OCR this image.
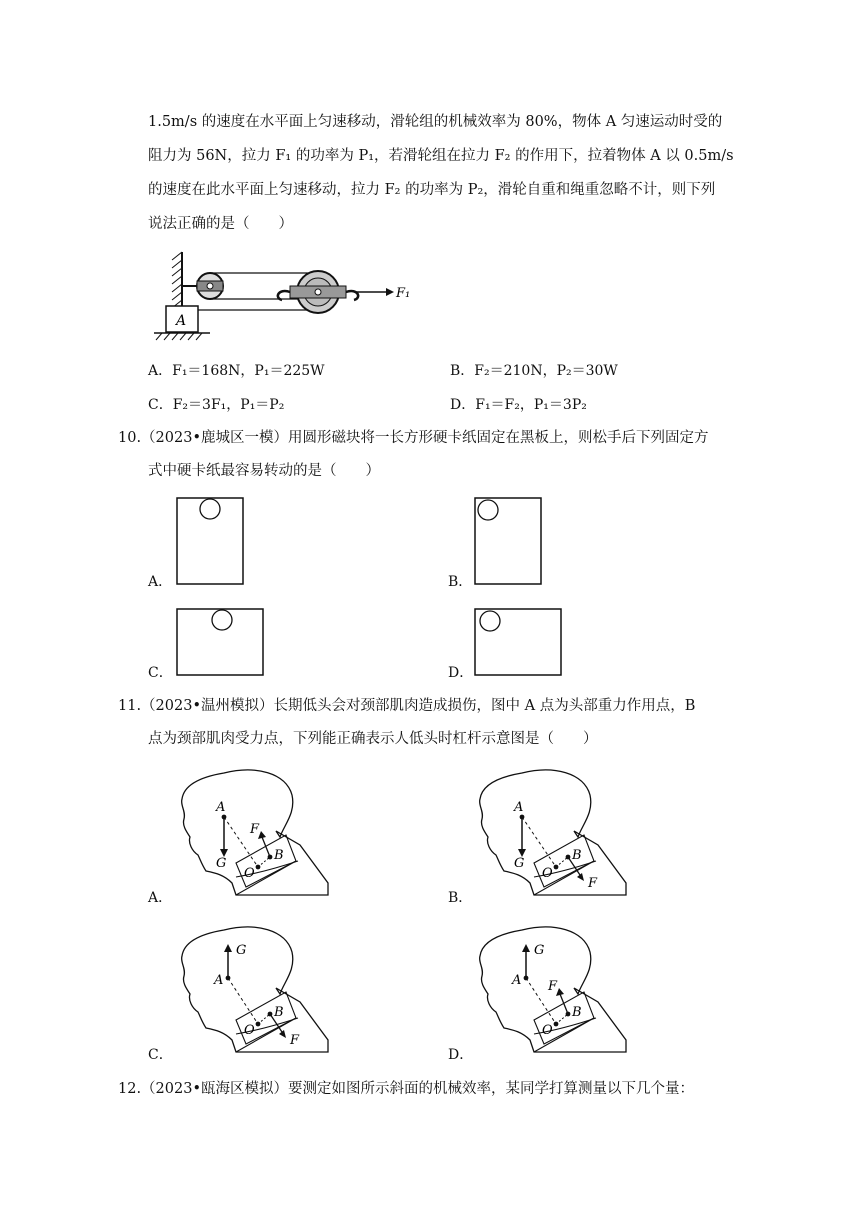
1.5m/s 的速度在水平面上匀速移动，滑轮组的机械效率为 80%，物体 A 匀速运动时受的
阻力为 56N，拉力 F₁ 的功率为 P₁，若滑轮组在拉力 F₂ 的作用下，拉着物体 A 以 0.5m/s
的速度在此水平面上匀速移动，拉力 F₂ 的功率为 P₂，滑轮自重和绳重忽略不计，则下列
说法正确的是（　　）
F₁
A
A．F₁＝168N，P₁＝225W	B．F₂＝210N，P₂＝30W
C．F₂＝3F₁，P₁＝P₂	D．F₁＝F₂，P₁＝3P₂
10.（2023•鹿城区一模）用圆形磁块将一长方形硬卡纸固定在黑板上，则松手后下列固定方
式中硬卡纸最容易转动的是（　　）
A．	B．
C．	D．
11.（2023•温州模拟）长期低头会对颈部肌肉造成损伤，图中 A 点为头部重力作用点，B
点为颈部肌肉受力点，下列能正确表示人低头时杠杆示意图是（　　）
A．
A
G
F
B
O
B．
A
G
F
B
O
C．
A
G
F
B
O
D．
A
G
F
B
O
12.（2023•瓯海区模拟）要测定如图所示斜面的机械效率，某同学打算测量以下几个量：
